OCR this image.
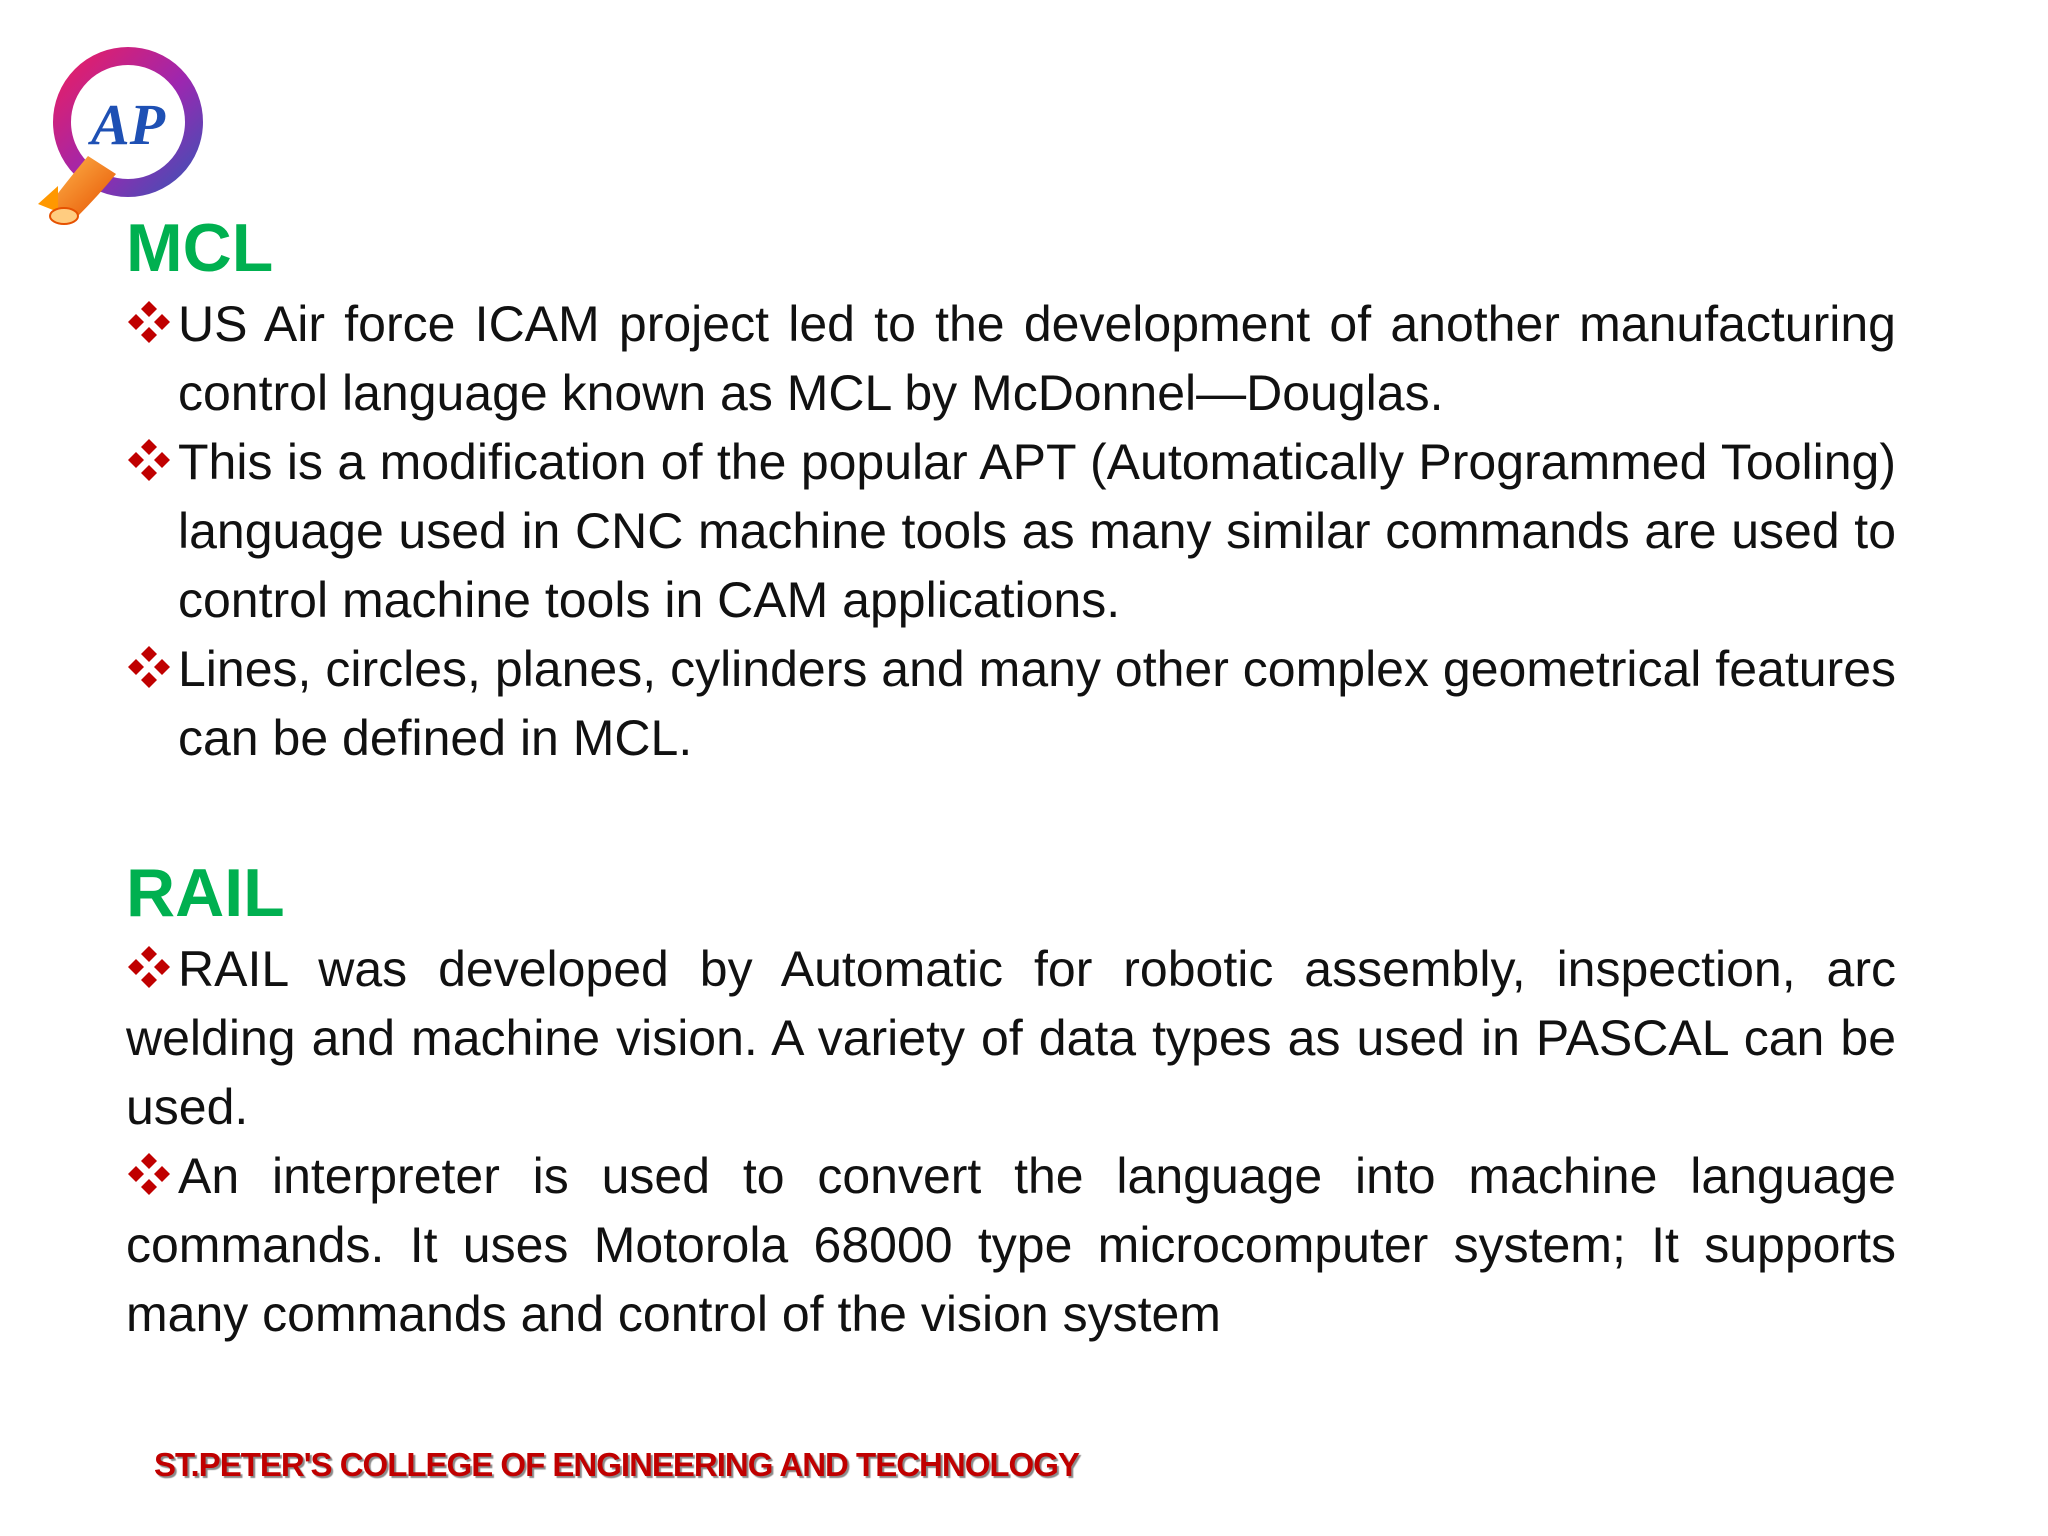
AP
MCL

US Air force ICAM project led to the development of another manufacturing control language known as MCL by McDonnel—Douglas.

This is a modification of the popular APT (Automatically Programmed Tooling) language used in CNC machine tools as many similar commands are used to control machine tools in CAM applications.

Lines, circles, planes, cylinders and many other complex geometrical features can be defined in MCL.

RAIL

RAIL was developed by Automatic for robotic assembly, inspection, arc welding and machine vision. A variety of data types as used in PASCAL can be used.

An interpreter is used to convert the language into machine language commands. It uses Motorola 68000 type microcomputer system; It supports many commands and control of the vision system

ST.PETER'S COLLEGE OF ENGINEERING AND TECHNOLOGY
